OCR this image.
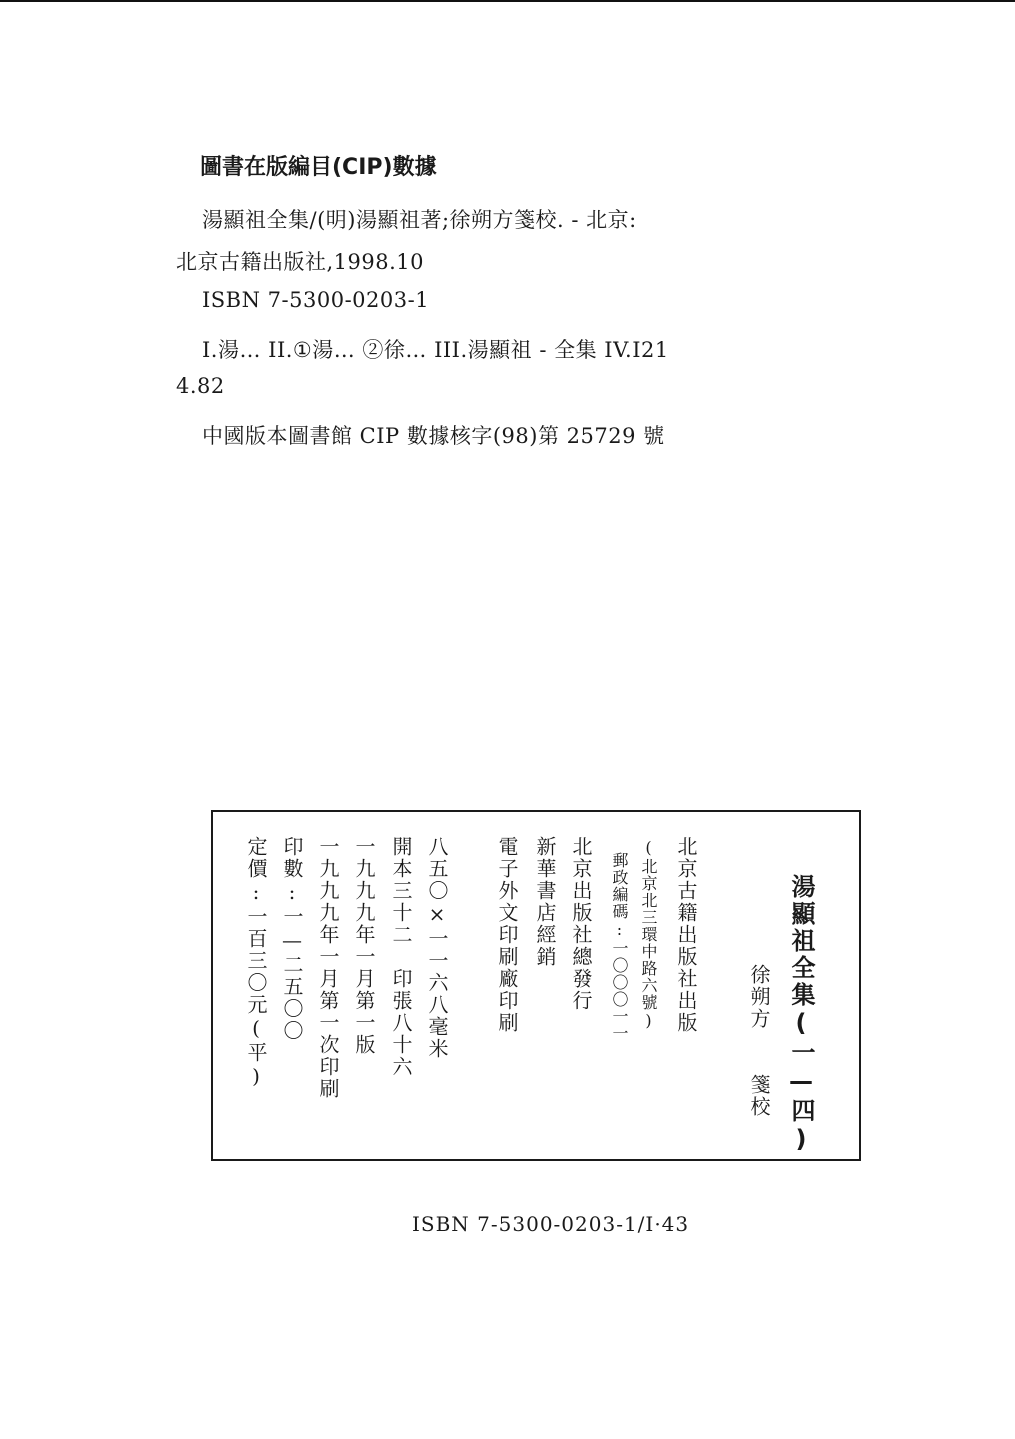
圖書在版編目(CIP)數據
湯顯祖全集/(明)湯顯祖著;徐朔方箋校. - 北京:
北京古籍出版社,1998.10
ISBN 7-5300-0203-1
I.湯… II.①湯… ②徐… III.湯顯祖 - 全集 IV.I21
4.82
中國版本圖書館 CIP 數據核字(98)第 25729 號
湯顯祖全集(一—四)
徐朔方　　箋校
北京古籍出版社出版
(北京北三環中路六號)
郵政編碼:一〇〇〇一一
北京出版社總發行
新華書店經銷
電子外文印刷廠印刷
八五〇×一一六八毫米
開本三十二　印張八十六
一九九九年一月第一版
一九九九年一月第一次印刷
印數:一—二五〇〇
定價:一百三〇元(平)
ISBN 7-5300-0203-1/I·43
